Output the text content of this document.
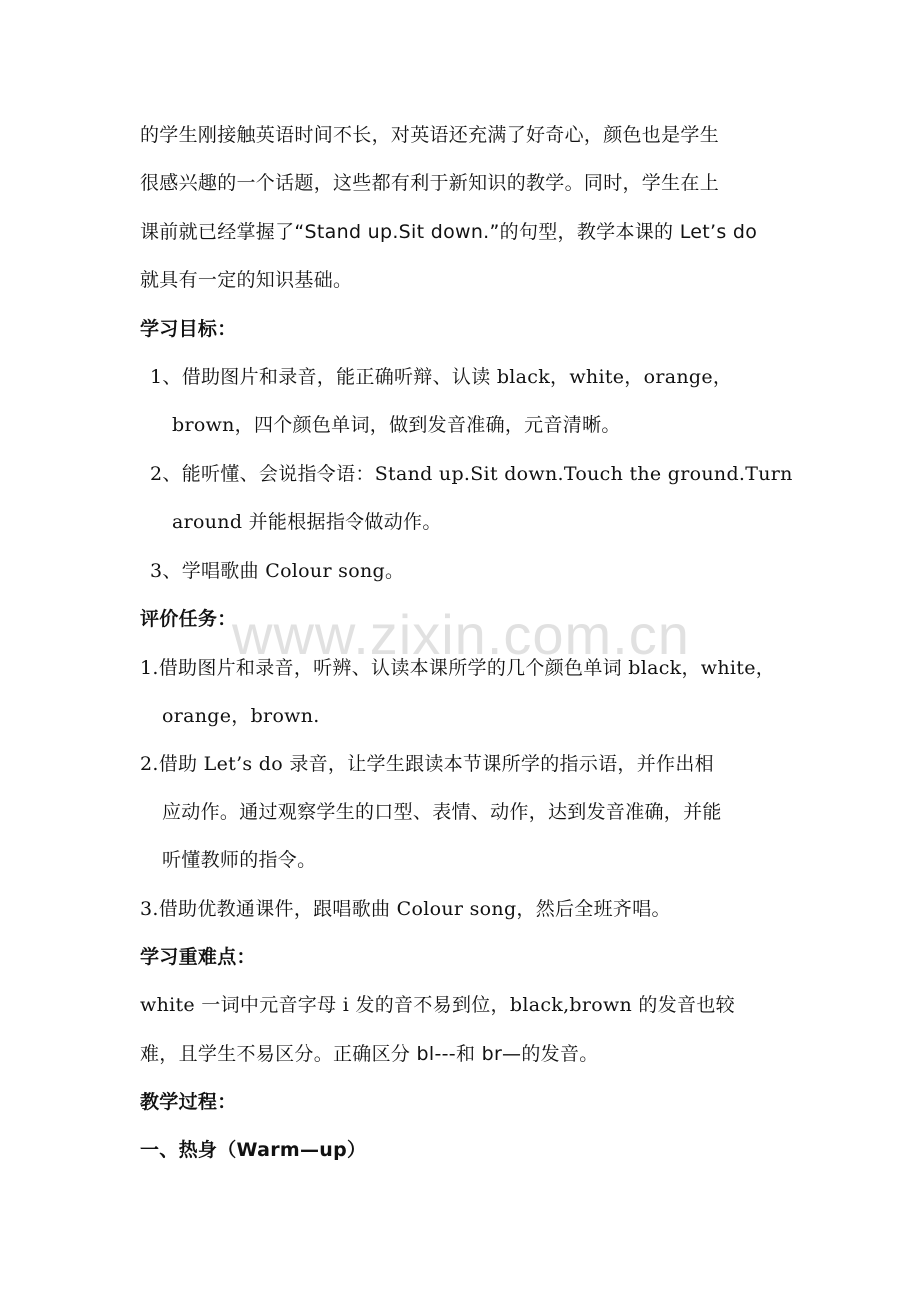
的学生刚接触英语时间不长，对英语还充满了好奇心，颜色也是学生
很感兴趣的一个话题，这些都有利于新知识的教学。同时，学生在上
课前就已经掌握了“Stand up.Sit down.”的句型，教学本课的 Let’s do
就具有一定的知识基础。
学习目标：
1、借助图片和录音，能正确听辩、认读 black，white，orange，
brown，四个颜色单词，做到发音准确，元音清晰。
2、能听懂、会说指令语：Stand up.Sit down.Touch the ground.Turn
around 并能根据指令做动作。
3、学唱歌曲 Colour song。
评价任务：
1.借助图片和录音，听辨、认读本课所学的几个颜色单词 black，white，
orange，brown.
2.借助 Let’s do 录音，让学生跟读本节课所学的指示语，并作出相
应动作。通过观察学生的口型、表情、动作，达到发音准确，并能
听懂教师的指令。
3.借助优教通课件，跟唱歌曲 Colour song，然后全班齐唱。
学习重难点：
white 一词中元音字母 i 发的音不易到位，black,brown 的发音也较
难，且学生不易区分。正确区分 bl---和 br—的发音。
教学过程：
一、热身（Warm—up）
www.zixin.com.cn
